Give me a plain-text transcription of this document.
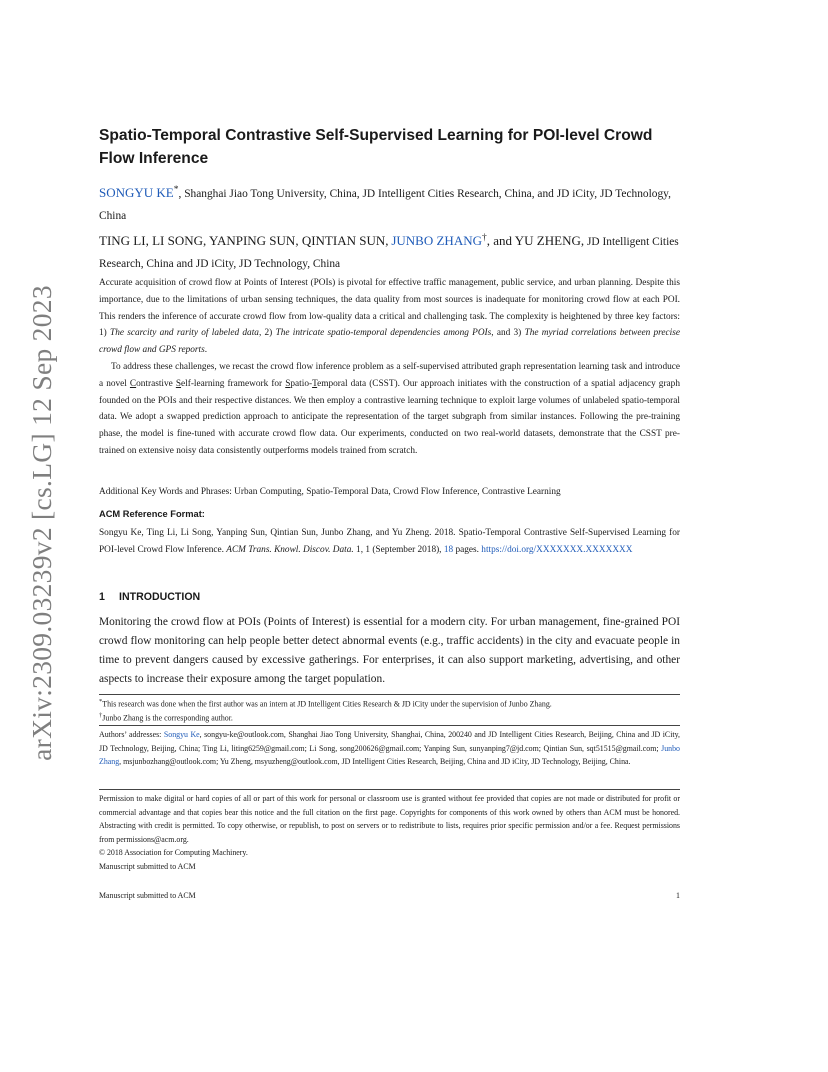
arXiv:2309.03239v2 [cs.LG] 12 Sep 2023
Spatio-Temporal Contrastive Self-Supervised Learning for POI-level Crowd
Flow Inference
SONGYU KE*, Shanghai Jiao Tong University, China, JD Intelligent Cities Research, China, and JD iCity, JD Technology, China
TING LI, LI SONG, YANPING SUN, QINTIAN SUN, JUNBO ZHANG†, and YU ZHENG, JD Intelligent Cities Research, China and JD iCity, JD Technology, China

Accurate acquisition of crowd flow at Points of Interest (POIs) is pivotal for effective traffic management, public service, and urban planning. Despite this importance, due to the limitations of urban sensing techniques, the data quality from most sources is inadequate for monitoring crowd flow at each POI. This renders the inference of accurate crowd flow from low-quality data a critical and challenging task. The complexity is heightened by three key factors: 1) The scarcity and rarity of labeled data, 2) The intricate spatio-temporal dependencies among POIs, and 3) The myriad correlations between precise crowd flow and GPS reports.

To address these challenges, we recast the crowd flow inference problem as a self-supervised attributed graph representation learning task and introduce a novel Contrastive Self-learning framework for Spatio-Temporal data (CSST). Our approach initiates with the construction of a spatial adjacency graph founded on the POIs and their respective distances. We then employ a contrastive learning technique to exploit large volumes of unlabeled spatio-temporal data. We adopt a swapped prediction approach to anticipate the representation of the target subgraph from similar instances. Following the pre-training phase, the model is fine-tuned with accurate crowd flow data. Our experiments, conducted on two real-world datasets, demonstrate that the CSST pre-trained on extensive noisy data consistently outperforms models trained from scratch.

Additional Key Words and Phrases: Urban Computing, Spatio-Temporal Data, Crowd Flow Inference, Contrastive Learning
ACM Reference Format:
Songyu Ke, Ting Li, Li Song, Yanping Sun, Qintian Sun, Junbo Zhang, and Yu Zheng. 2018. Spatio-Temporal Contrastive Self-Supervised Learning for POI-level Crowd Flow Inference. ACM Trans. Knowl. Discov. Data. 1, 1 (September 2018), 18 pages. https://doi.org/XXXXXXX.XXXXXXX
1 INTRODUCTION
Monitoring the crowd flow at POIs (Points of Interest) is essential for a modern city. For urban management, fine-grained POI crowd flow monitoring can help people better detect abnormal events (e.g., traffic accidents) in the city and evacuate people in time to prevent dangers caused by excessive gatherings. For enterprises, it can also support marketing, advertising, and other aspects to increase their exposure among the target population.
*This research was done when the first author was an intern at JD Intelligent Cities Research & JD iCity under the supervision of Junbo Zhang.
†Junbo Zhang is the corresponding author.
Authors’ addresses: Songyu Ke, songyu-ke@outlook.com, Shanghai Jiao Tong University, Shanghai, China, 200240 and JD Intelligent Cities Research, Beijing, China and JD iCity, JD Technology, Beijing, China; Ting Li, liting6259@gmail.com; Li Song, song200626@gmail.com; Yanping Sun, sunyanping7@jd.com; Qintian Sun, sqt51515@gmail.com; Junbo Zhang, msjunbozhang@outlook.com; Yu Zheng, msyuzheng@outlook.com, JD Intelligent Cities Research, Beijing, China and JD iCity, JD Technology, Beijing, China.
Permission to make digital or hard copies of all or part of this work for personal or classroom use is granted without fee provided that copies are not made or distributed for profit or commercial advantage and that copies bear this notice and the full citation on the first page. Copyrights for components of this work owned by others than ACM must be honored. Abstracting with credit is permitted. To copy otherwise, or republish, to post on servers or to redistribute to lists, requires prior specific permission and/or a fee. Request permissions from permissions@acm.org.
© 2018 Association for Computing Machinery.
Manuscript submitted to ACM
Manuscript submitted to ACM	1
